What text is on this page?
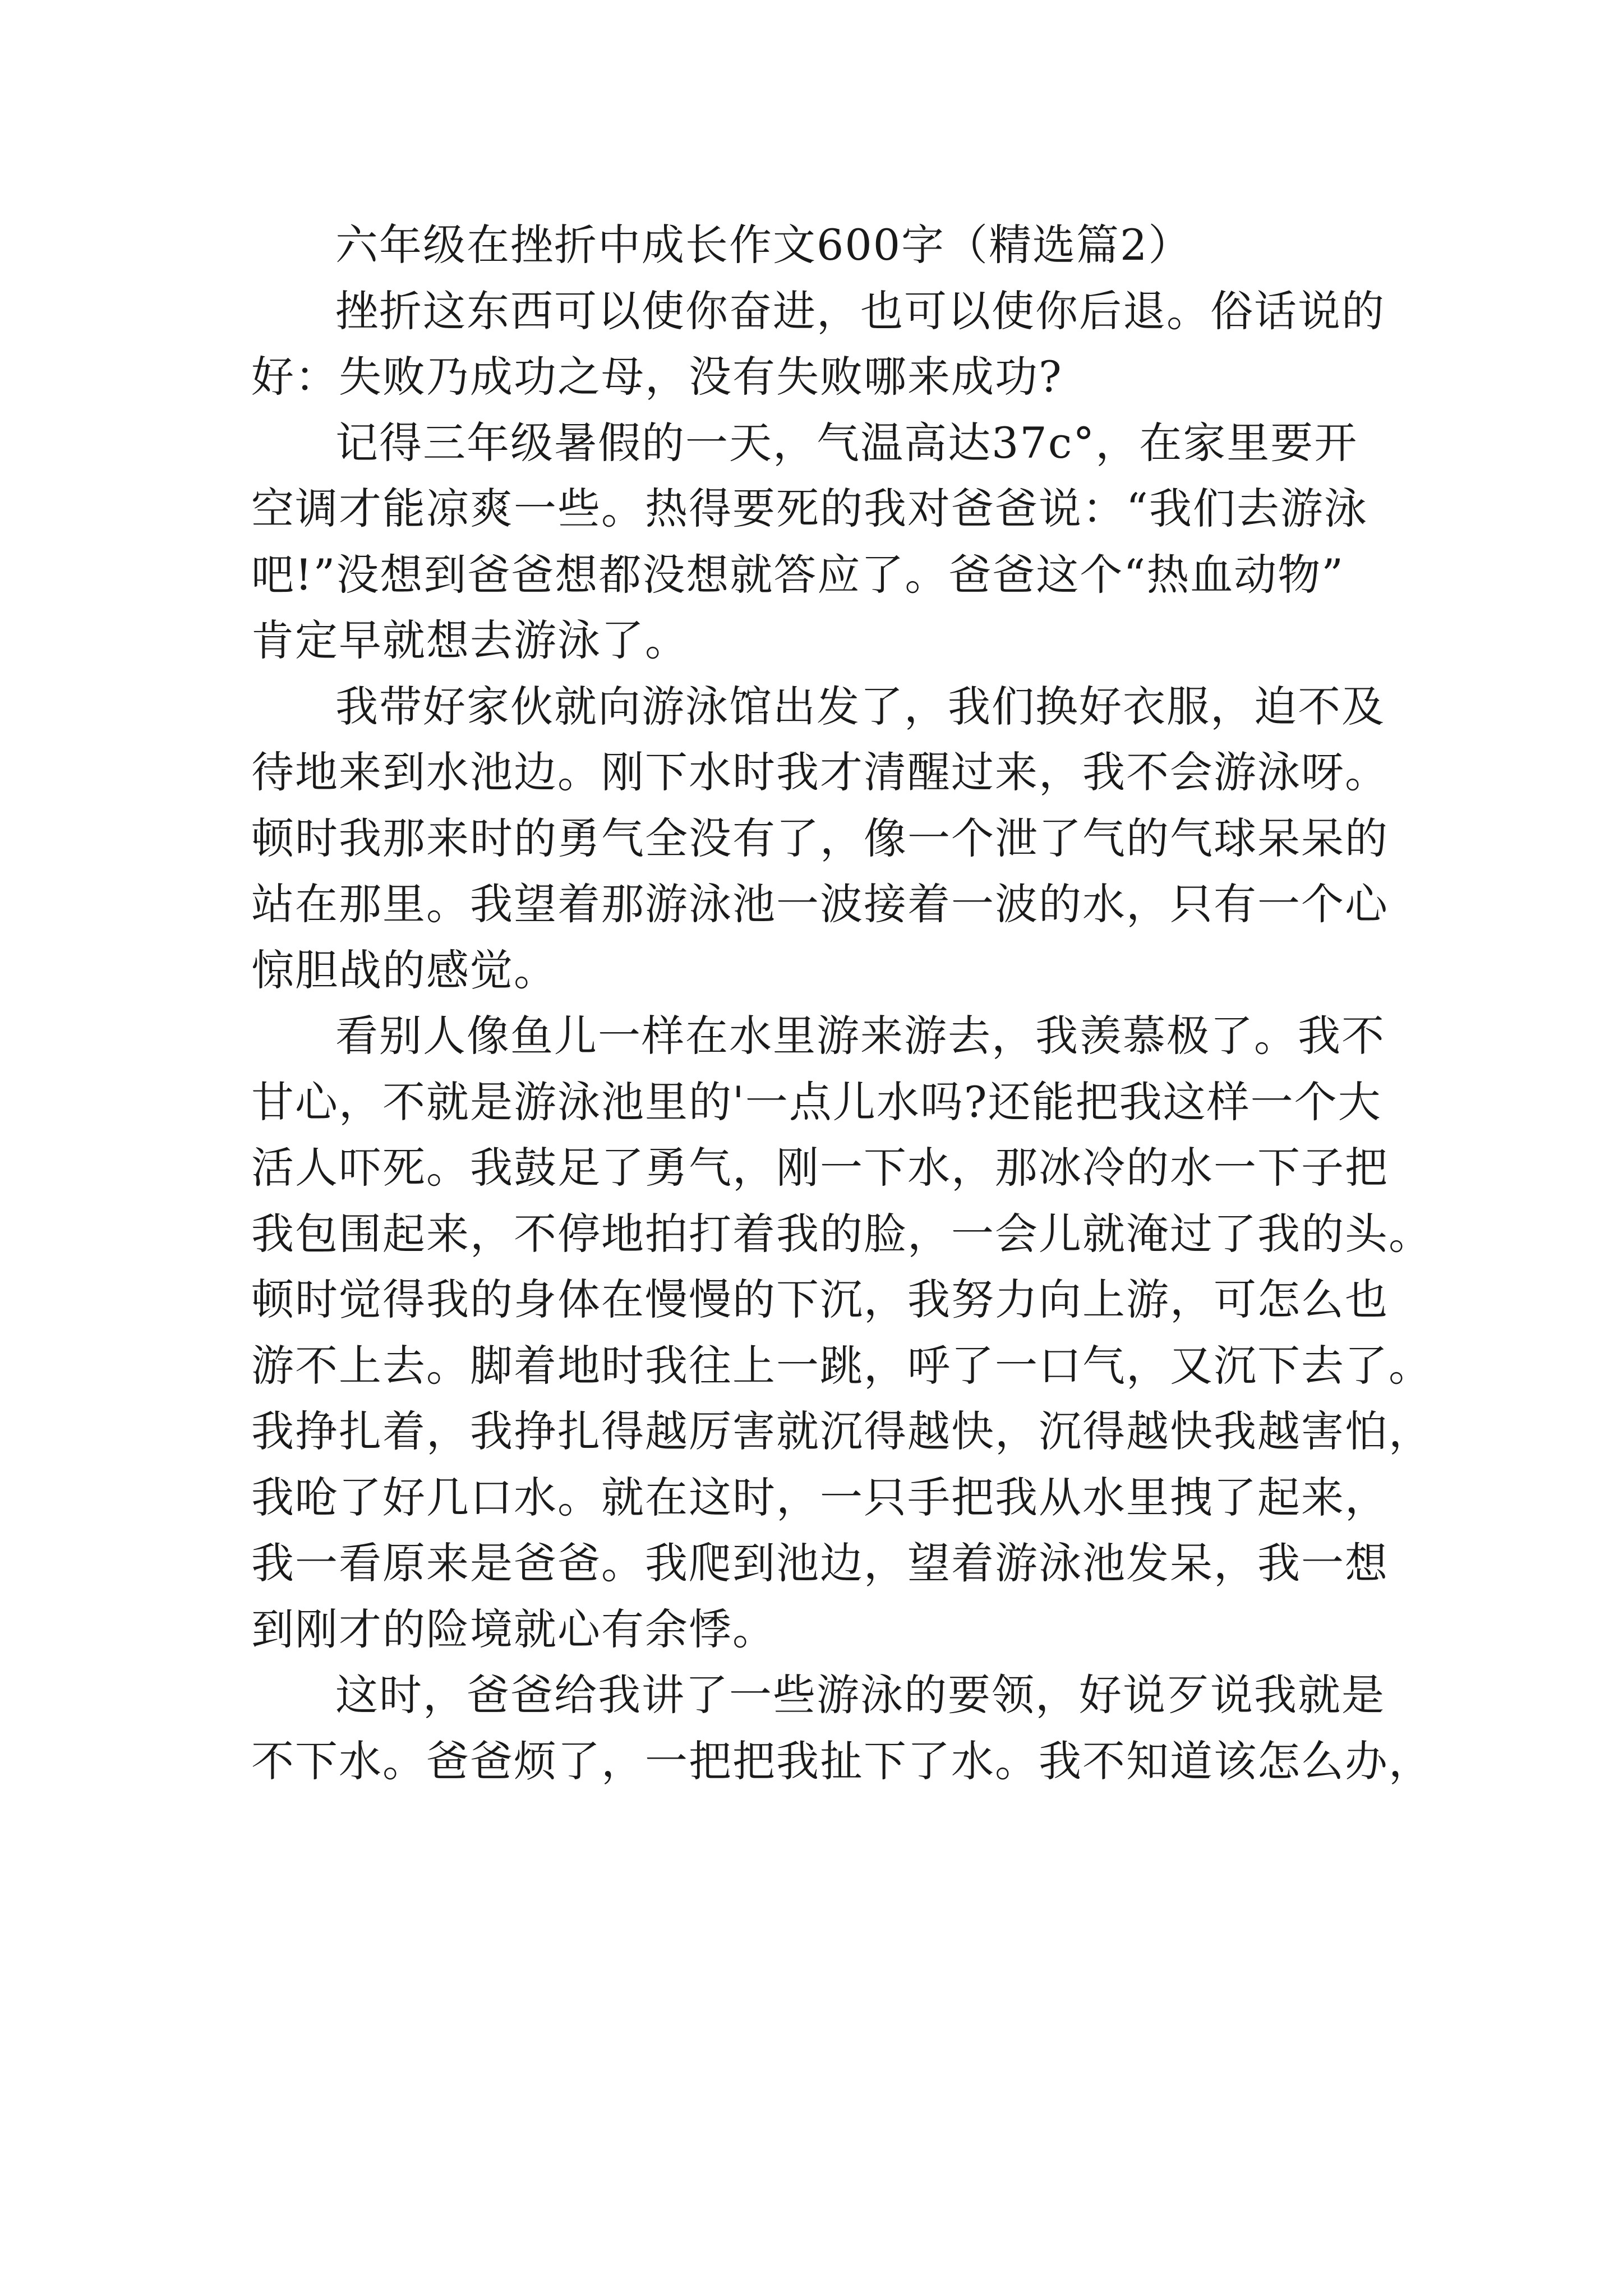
六年级在挫折中成长作文600字（精选篇2）
挫折这东西可以使你奋进，也可以使你后退。俗话说的
好：失败乃成功之母，没有失败哪来成功?
记得三年级暑假的一天，气温高达37c°，在家里要开
空调才能凉爽一些。热得要死的我对爸爸说：“我们去游泳
吧!”没想到爸爸想都没想就答应了。爸爸这个“热血动物”
肯定早就想去游泳了。
我带好家伙就向游泳馆出发了，我们换好衣服，迫不及
待地来到水池边。刚下水时我才清醒过来，我不会游泳呀。
顿时我那来时的勇气全没有了，像一个泄了气的气球呆呆的
站在那里。我望着那游泳池一波接着一波的水，只有一个心
惊胆战的感觉。
看别人像鱼儿一样在水里游来游去，我羡慕极了。我不
甘心，不就是游泳池里的'一点儿水吗?还能把我这样一个大
活人吓死。我鼓足了勇气，刚一下水，那冰冷的水一下子把
我包围起来，不停地拍打着我的脸，一会儿就淹过了我的头。
顿时觉得我的身体在慢慢的下沉，我努力向上游，可怎么也
游不上去。脚着地时我往上一跳，呼了一口气，又沉下去了。
我挣扎着，我挣扎得越厉害就沉得越快，沉得越快我越害怕，
我呛了好几口水。就在这时，一只手把我从水里拽了起来，
我一看原来是爸爸。我爬到池边，望着游泳池发呆，我一想
到刚才的险境就心有余悸。
这时，爸爸给我讲了一些游泳的要领，好说歹说我就是
不下水。爸爸烦了，一把把我扯下了水。我不知道该怎么办，
